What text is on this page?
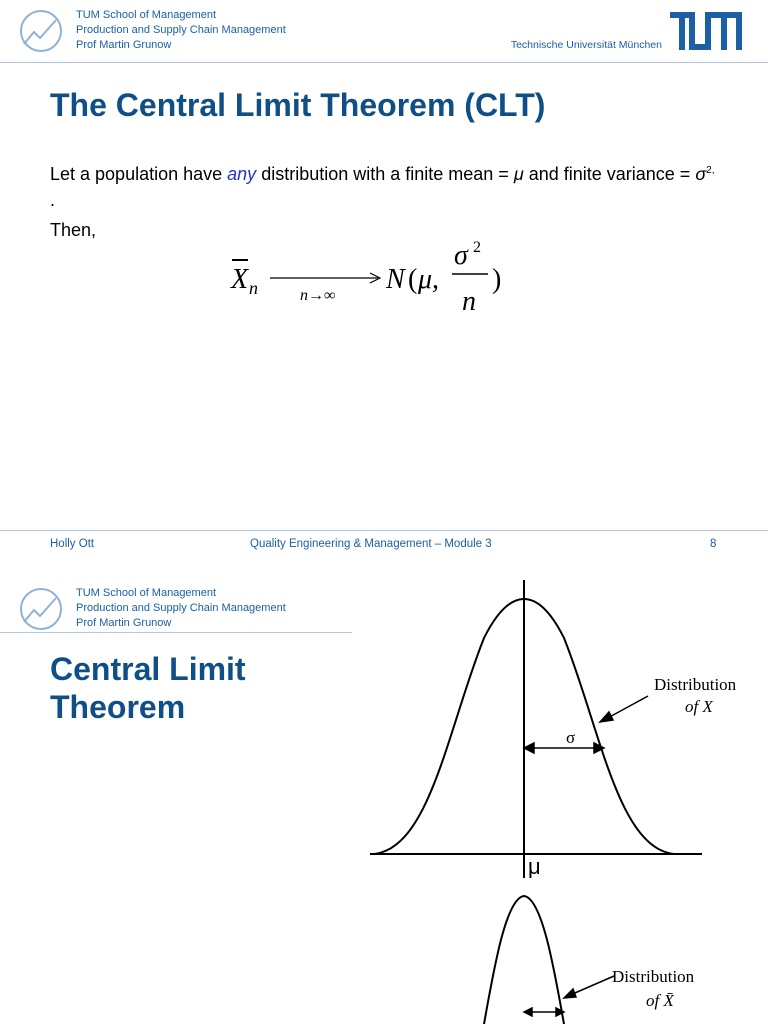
TUM School of Management
Production and Supply Chain Management
Prof Martin Grunow	Technische Universität München
The Central Limit Theorem (CLT)
Let a population have any distribution with a finite mean = μ and finite variance = $\sigma^{2,}$ .
Then,
X n	n→∞
N ( μ,
σ 2
n
)
Holly Ott	Quality Engineering & Management – Module 3	8
TUM School of Management
Production and Supply Chain Management
Prof Martin Grunow
Central Limit
Theorem
σ
μ
Distribution
of X
Distribution
of X̄
